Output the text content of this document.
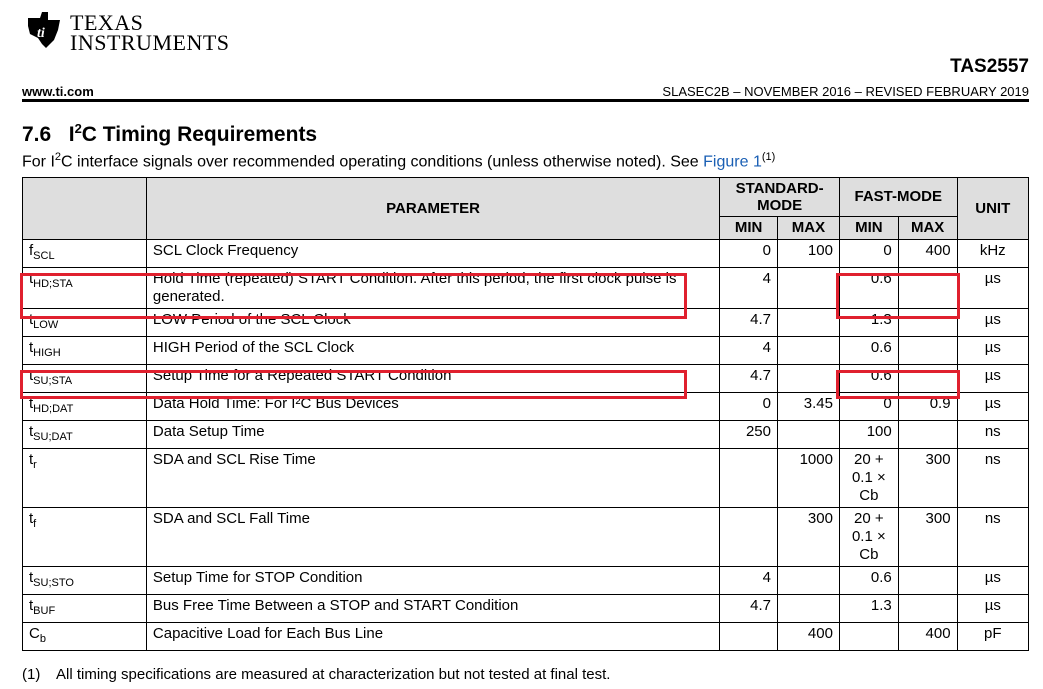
ti TEXAS
INSTRUMENTS
TAS2557
www.ti.com	SLASEC2B – NOVEMBER 2016 – REVISED FEBRUARY 2019
7.6 $I^2C$ Timing Requirements
For $I^2C$ interface signals over recommended operating conditions (unless otherwise noted). See Figure 1$^{(1)}$
	PARAMETER	STANDARD-MODE		FAST-MODE		UNIT
		MIN	MAX	MIN	MAX	
$f_{SCL}$	SCL Clock Frequency	0	100	0	400	kHz
$t_{HD;STA}$	Hold Time (repeated) START Condition. After this period, the first clock pulse is generated.	4		0.6		µs
$t_{LOW}$	LOW Period of the SCL Clock	4.7		1.3		µs
$t_{HIGH}$	HIGH Period of the SCL Clock	4		0.6		µs
$t_{SU;STA}$	Setup Time for a Repeated START Condition	4.7		0.6		µs
$t_{HD;DAT}$	Data Hold Time: For I²C Bus Devices	0	3.45	0	0.9	µs
$t_{SU;DAT}$	Data Setup Time	250		100		ns
$t_r$	SDA and SCL Rise Time		1000	20 + 0.1 × Cb	300	ns
$t_f$	SDA and SCL Fall Time		300	20 + 0.1 × Cb	300	ns
$t_{SU;STO}$	Setup Time for STOP Condition	4		0.6		µs
$t_{BUF}$	Bus Free Time Between a STOP and START Condition	4.7		1.3		µs
$C_b$	Capacitive Load for Each Bus Line		400		400	pF
(1) All timing specifications are measured at characterization but not tested at final test.
